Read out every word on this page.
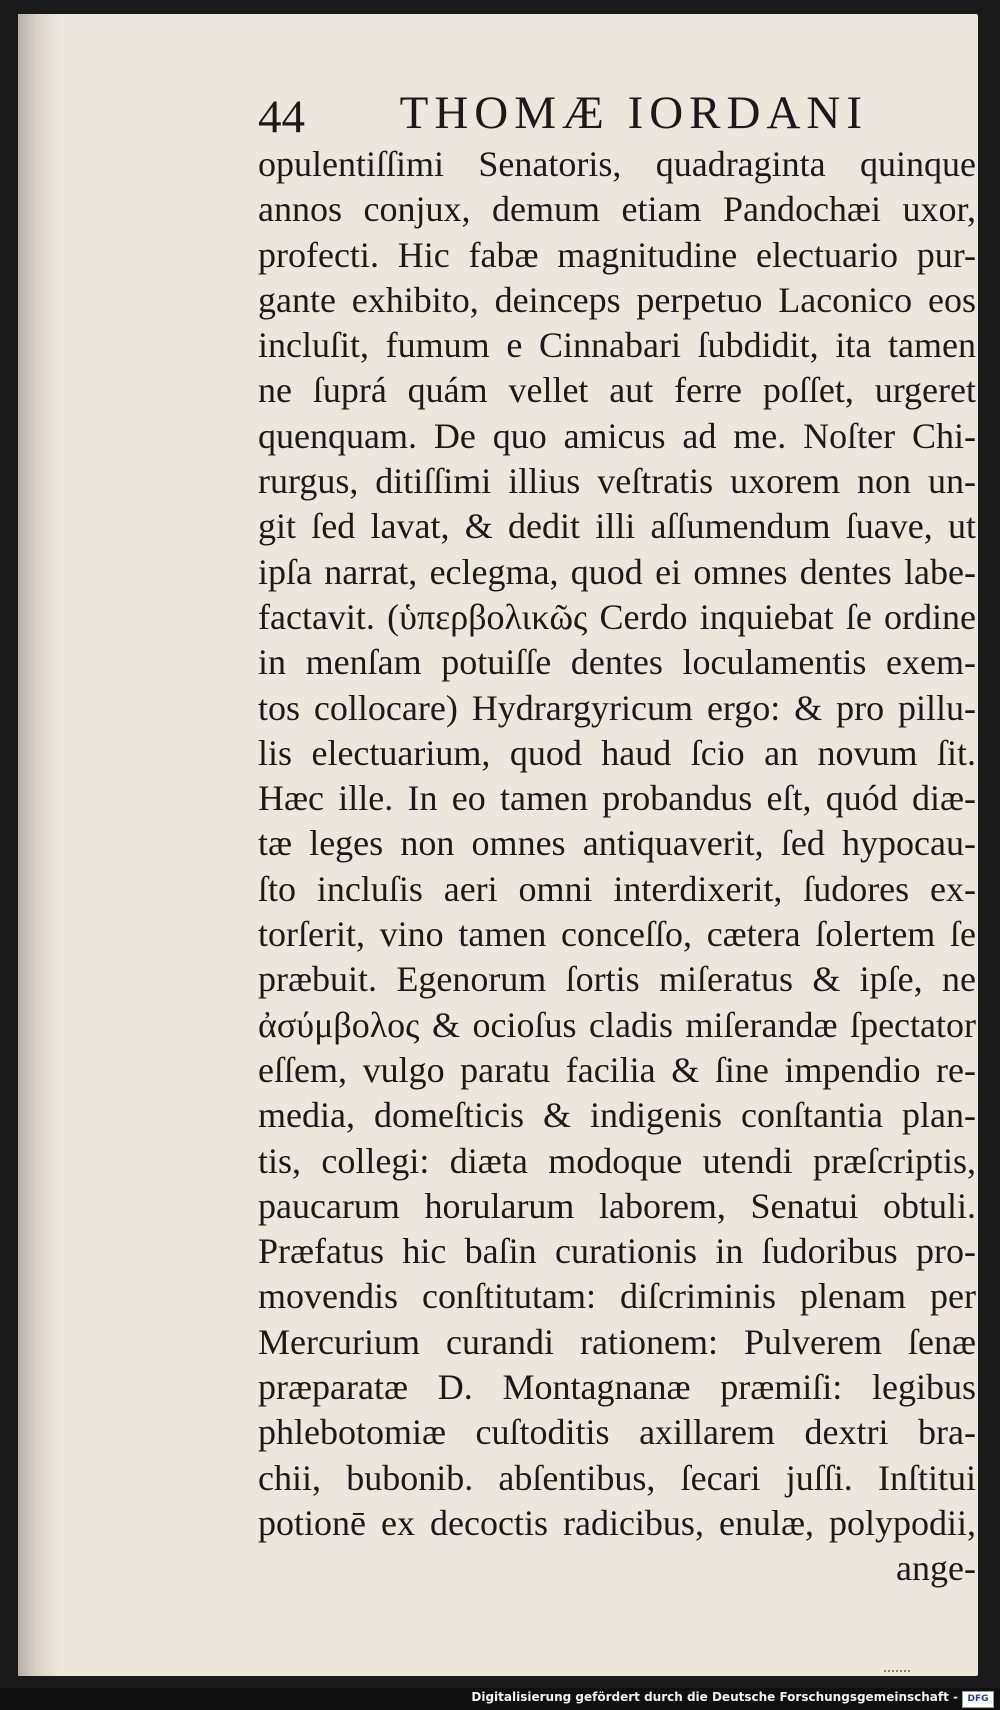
44 THOMÆ IORDANI
opulentiſſimi Senatoris, quadraginta quinque
annos conjux, demum etiam Pandochæi uxor,
profecti. Hic fabæ magnitudine electuario pur-
gante exhibito, deinceps perpetuo Laconico eos
incluſit, fumum e Cinnabari ſubdidit, ita tamen
ne ſuprá quám vellet aut ferre poſſet, urgeret
quenquam. De quo amicus ad me. Noſter Chi-
rurgus, ditiſſimi illius veſtratis uxorem non un-
git ſed lavat, & dedit illi aſſumendum ſuave, ut
ipſa narrat, eclegma, quod ei omnes dentes labe-
factavit. (ὑπερβολικῶς Cerdo inquiebat ſe ordine
in menſam potuiſſe dentes loculamentis exem-
tos collocare) Hydrargyricum ergo: & pro pillu-
lis electuarium, quod haud ſcio an novum ſit.
Hæc ille. In eo tamen probandus eſt, quód diæ-
tæ leges non omnes antiquaverit, ſed hypocau-
ſto incluſis aeri omni interdixerit, ſudores ex-
torſerit, vino tamen conceſſo, cætera ſolertem ſe
præbuit. Egenorum ſortis miſeratus & ipſe, ne
ἀσύμβολος & ocioſus cladis miſerandæ ſpectator
eſſem, vulgo paratu facilia & ſine impendio re-
media, domeſticis & indigenis conſtantia plan-
tis, collegi: diæta modoque utendi præſcriptis,
paucarum horularum laborem, Senatui obtuli.
Præfatus hic baſin curationis in ſudoribus pro-
movendis conſtitutam: diſcriminis plenam per
Mercurium curandi rationem: Pulverem ſenæ
præparatæ D. Montagnanæ præmiſi: legibus
phlebotomiæ cuſtoditis axillarem dextri bra-
chii, bubonib. abſentibus, ſecari juſſi. Inſtitui
potionē ex decoctis radicibus, enulæ, polypodii,
ange-
Digitalisierung gefördert durch die Deutsche Forschungsgemeinschaft -	DFG
